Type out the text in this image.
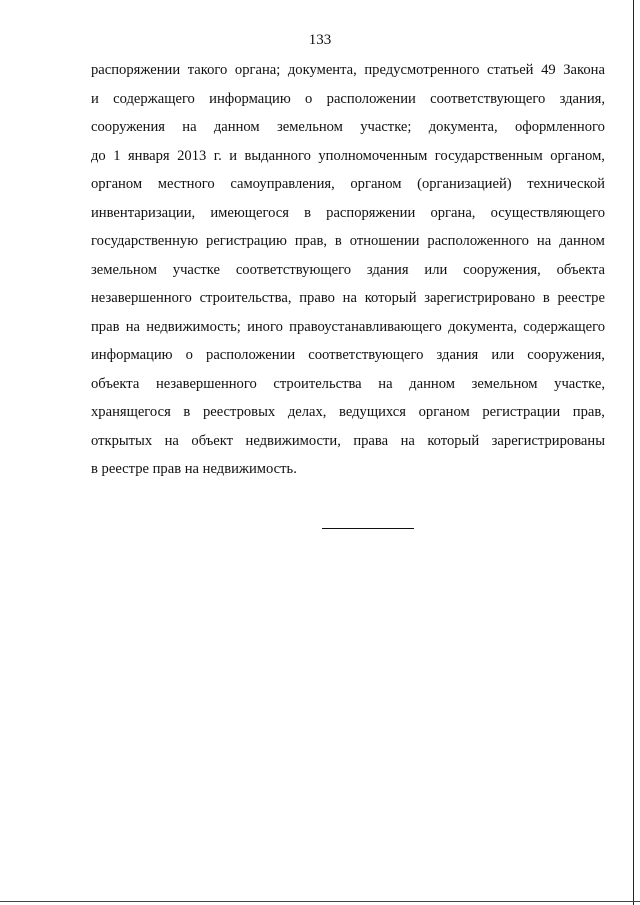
133
распоряжении такого органа; документа, предусмотренного статьей 49 Закона
и содержащего информацию о расположении соответствующего здания,
сооружения на данном земельном участке; документа, оформленного
до 1 января 2013 г. и выданного уполномоченным государственным органом,
органом местного самоуправления, органом (организацией) технической
инвентаризации, имеющегося в распоряжении органа, осуществляющего
государственную регистрацию прав, в отношении расположенного на данном
земельном участке соответствующего здания или сооружения, объекта
незавершенного строительства, право на который зарегистрировано в реестре
прав на недвижимость; иного правоустанавливающего документа, содержащего
информацию о расположении соответствующего здания или сооружения,
объекта незавершенного строительства на данном земельном участке,
хранящегося в реестровых делах, ведущихся органом регистрации прав,
открытых на объект недвижимости, права на который зарегистрированы
в реестре прав на недвижимость.
